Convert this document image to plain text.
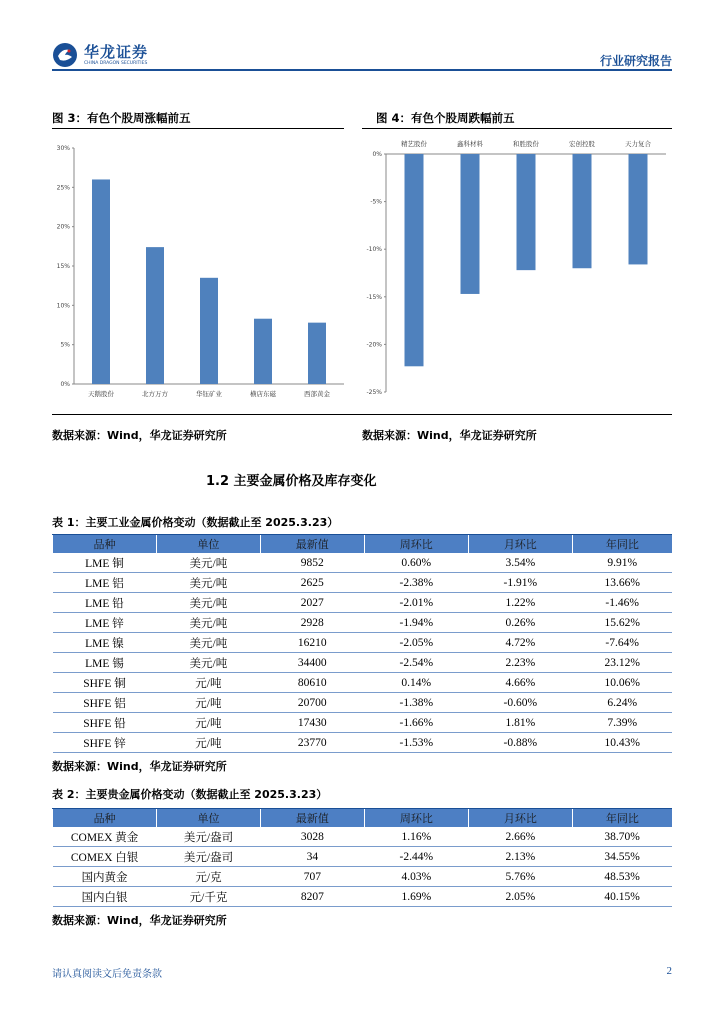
华龙证券
CHINA DRAGON SECURITIES	行业研究报告
图 3：有色个股周涨幅前五	图 4：有色个股周跌幅前五
0%
5%
10%
15%
20%
25%
30%
天鹅股份	北方万方	华钰矿业	横店东磁	西部黄金
0%
-5%
-10%
-15%
-20%
-25%
精艺股份	鑫科材料	和胜股份	宏创控股	天力复合
数据来源：Wind，华龙证券研究所	数据来源：Wind，华龙证券研究所
1.2 主要金属价格及库存变化
表 1：主要工业金属价格变动（数据截止至 2025.3.23）
品种	单位	最新值	周环比	月环比	年同比
LME 铜	美元/吨	9852	0.60%	3.54%	9.91%
LME 铝	美元/吨	2625	-2.38%	-1.91%	13.66%
LME 铅	美元/吨	2027	-2.01%	1.22%	-1.46%
LME 锌	美元/吨	2928	-1.94%	0.26%	15.62%
LME 镍	美元/吨	16210	-2.05%	4.72%	-7.64%
LME 锡	美元/吨	34400	-2.54%	2.23%	23.12%
SHFE 铜	元/吨	80610	0.14%	4.66%	10.06%
SHFE 铝	元/吨	20700	-1.38%	-0.60%	6.24%
SHFE 铅	元/吨	17430	-1.66%	1.81%	7.39%
SHFE 锌	元/吨	23770	-1.53%	-0.88%	10.43%
数据来源：Wind，华龙证券研究所
表 2：主要贵金属价格变动（数据截止至 2025.3.23）
品种	单位	最新值	周环比	月环比	年同比
COMEX 黄金	美元/盎司	3028	1.16%	2.66%	38.70%
COMEX 白银	美元/盎司	34	-2.44%	2.13%	34.55%
国内黄金	元/克	707	4.03%	5.76%	48.53%
国内白银	元/千克	8207	1.69%	2.05%	40.15%
数据来源：Wind，华龙证券研究所
请认真阅读文后免责条款	2
